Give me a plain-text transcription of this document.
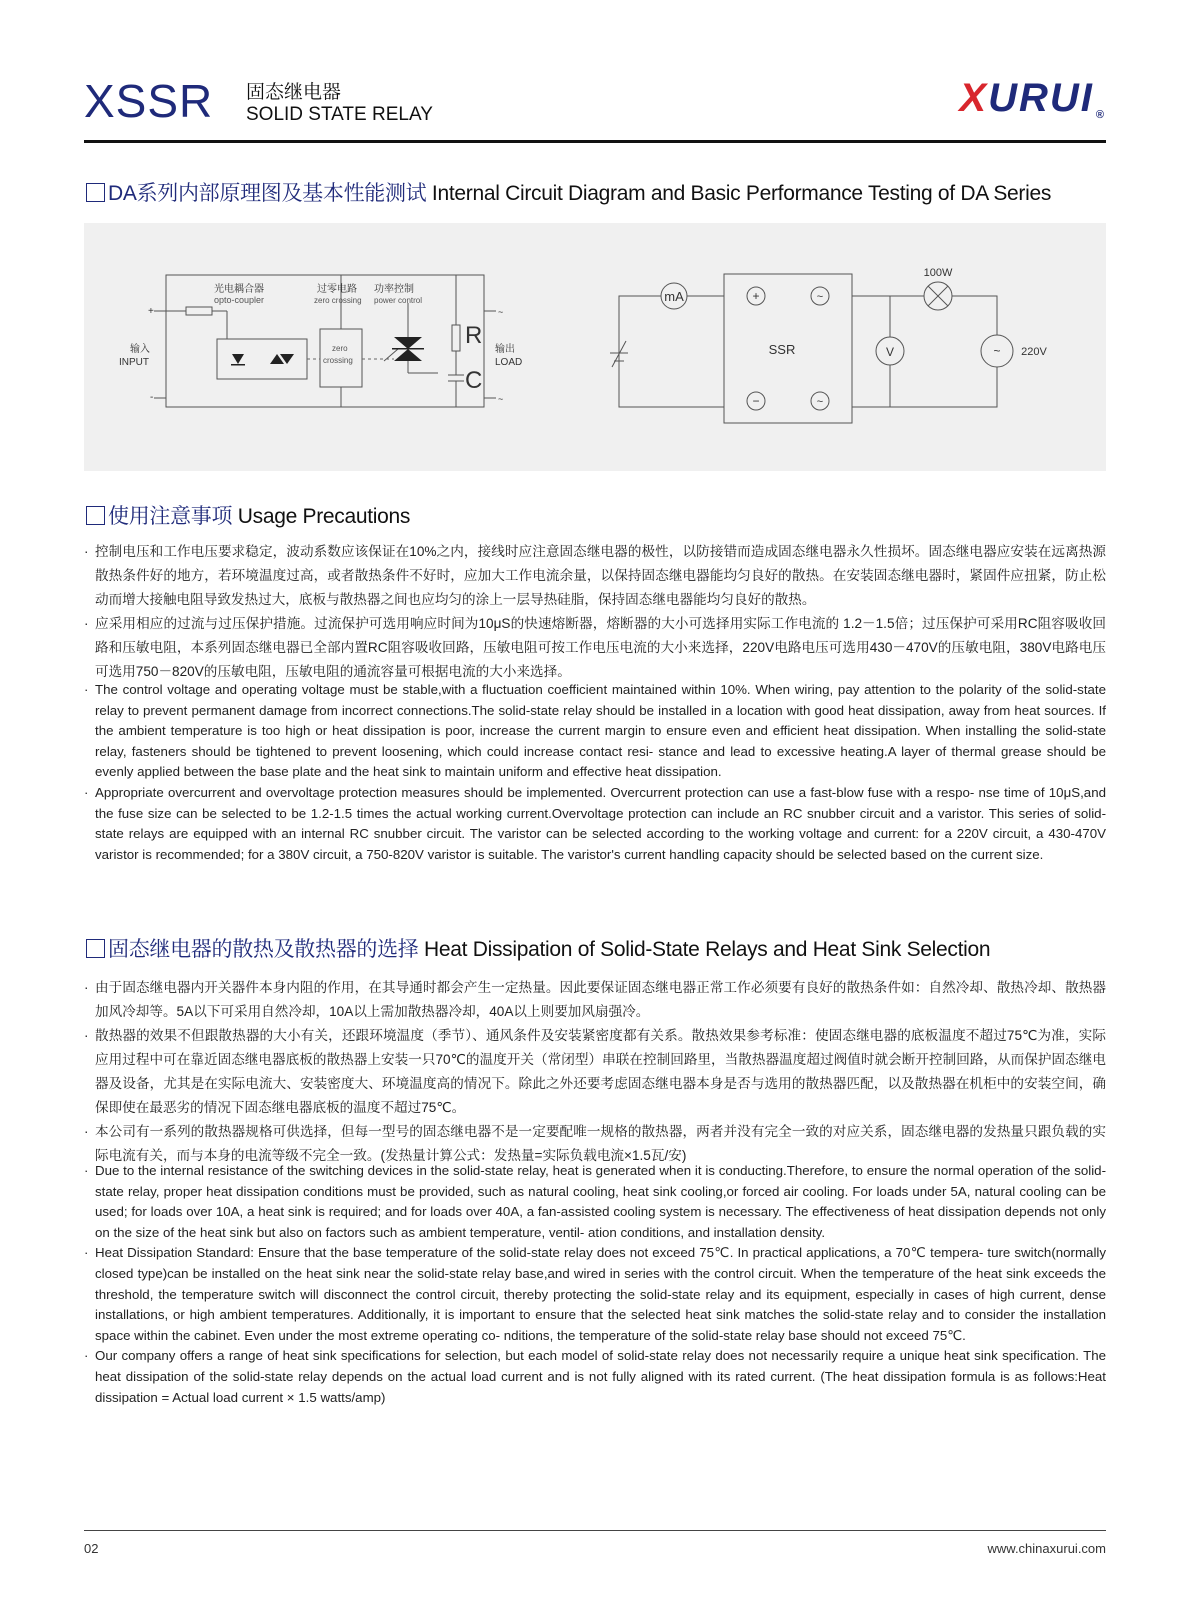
XSSR 固态继电器
SOLID STATE RELAY	XURUI ®
DA系列内部原理图及基本性能测试 Internal Circuit Diagram and Basic Performance Testing of DA Series
光电耦合器
opto-coupler
过零电路
zero crossing
功率控制
power control
zero
crossing
输入
INPUT
输出
LOAD
+
-
~
~
R
C
mA
SSR
+	~
−	~
V
100W
~ 220V
使用注意事项 Usage Precautions
· 控制电压和工作电压要求稳定，波动系数应该保证在10%之内，接线时应注意固态继电器的极性，以防接错而造成固态继电器永久性损坏。固态继电器应安装在远离热源散热条件好的地方，若环境温度过高，或者散热条件不好时，应加大工作电流余量，以保持固态继电器能均匀良好的散热。在安装固态继电器时，紧固件应扭紧，防止松动而增大接触电阻导致发热过大，底板与散热器之间也应均匀的涂上一层导热硅脂，保持固态继电器能均匀良好的散热。
· 应采用相应的过流与过压保护措施。过流保护可选用响应时间为10μS的快速熔断器，熔断器的大小可选择用实际工作电流的 1.2－1.5倍；过压保护可采用RC阻容吸收回路和压敏电阻，本系列固态继电器已全部内置RC阻容吸收回路，压敏电阻可按工作电压电流的大小来选择，220V电路电压可选用430－470V的压敏电阻，380V电路电压可选用750－820V的压敏电阻，压敏电阻的通流容量可根据电流的大小来选择。
· The control voltage and operating voltage must be stable,with a fluctuation coefficient maintained within 10%. When wiring, pay attention to the polarity of the solid-state relay to prevent permanent damage from incorrect connections.The solid-state relay should be installed in a location with good heat dissipation, away from heat sources. If the ambient temperature is too high or heat dissipation is poor, increase the current margin to ensure even and efficient heat dissipation. When installing the solid-state relay, fasteners should be tightened to prevent loosening, which could increase contact resi- stance and lead to excessive heating.A layer of thermal grease should be evenly applied between the base plate and the heat sink to maintain uniform and effective heat dissipation.
· Appropriate overcurrent and overvoltage protection measures should be implemented. Overcurrent protection can use a fast-blow fuse with a respo- nse time of 10μS,and the fuse size can be selected to be 1.2-1.5 times the actual working current.Overvoltage protection can include an RC snubber circuit and a varistor. This series of solid-state relays are equipped with an internal RC snubber circuit. The varistor can be selected according to the working voltage and current: for a 220V circuit, a 430-470V varistor is recommended; for a 380V circuit, a 750-820V varistor is suitable. The varistor's current handling capacity should be selected based on the current size.
固态继电器的散热及散热器的选择 Heat Dissipation of Solid-State Relays and Heat Sink Selection
· 由于固态继电器内开关器件本身内阻的作用，在其导通时都会产生一定热量。因此要保证固态继电器正常工作必须要有良好的散热条件如：自然冷却、散热冷却、散热器加风冷却等。5A以下可采用自然冷却，10A以上需加散热器冷却，40A以上则要加风扇强冷。
· 散热器的效果不但跟散热器的大小有关，还跟环境温度（季节）、通风条件及安装紧密度都有关系。散热效果参考标准：使固态继电器的底板温度不超过75℃为准，实际应用过程中可在靠近固态继电器底板的散热器上安装一只70℃的温度开关（常闭型）串联在控制回路里，当散热器温度超过阀值时就会断开控制回路，从而保护固态继电器及设备，尤其是在实际电流大、安装密度大、环境温度高的情况下。除此之外还要考虑固态继电器本身是否与选用的散热器匹配，以及散热器在机柜中的安装空间，确保即使在最恶劣的情况下固态继电器底板的温度不超过75℃。
· 本公司有一系列的散热器规格可供选择，但每一型号的固态继电器不是一定要配唯一规格的散热器，两者并没有完全一致的对应关系，固态继电器的发热量只跟负载的实际电流有关，而与本身的电流等级不完全一致。(发热量计算公式：发热量=实际负载电流×1.5瓦/安)
· Due to the internal resistance of the switching devices in the solid-state relay, heat is generated when it is conducting.Therefore, to ensure the normal operation of the solid-state relay, proper heat dissipation conditions must be provided, such as natural cooling, heat sink cooling,or forced air cooling. For loads under 5A, natural cooling can be used; for loads over 10A, a heat sink is required; and for loads over 40A, a fan-assisted cooling system is necessary. The effectiveness of heat dissipation depends not only on the size of the heat sink but also on factors such as ambient temperature, ventil- ation conditions, and installation density.
· Heat Dissipation Standard: Ensure that the base temperature of the solid-state relay does not exceed 75℃. In practical applications, a 70℃ tempera- ture switch(normally closed type)can be installed on the heat sink near the solid-state relay base,and wired in series with the control circuit. When the temperature of the heat sink exceeds the threshold, the temperature switch will disconnect the control circuit, thereby protecting the solid-state relay and its equipment, especially in cases of high current, dense installations, or high ambient temperatures. Additionally, it is important to ensure that the selected heat sink matches the solid-state relay and to consider the installation space within the cabinet. Even under the most extreme operating co- nditions, the temperature of the solid-state relay base should not exceed 75℃.
· Our company offers a range of heat sink specifications for selection, but each model of solid-state relay does not necessarily require a unique heat sink specification. The heat dissipation of the solid-state relay depends on the actual load current and is not fully aligned with its rated current. (The heat dissipation formula is as follows:Heat dissipation = Actual load current × 1.5 watts/amp)
02	www.chinaxurui.com
